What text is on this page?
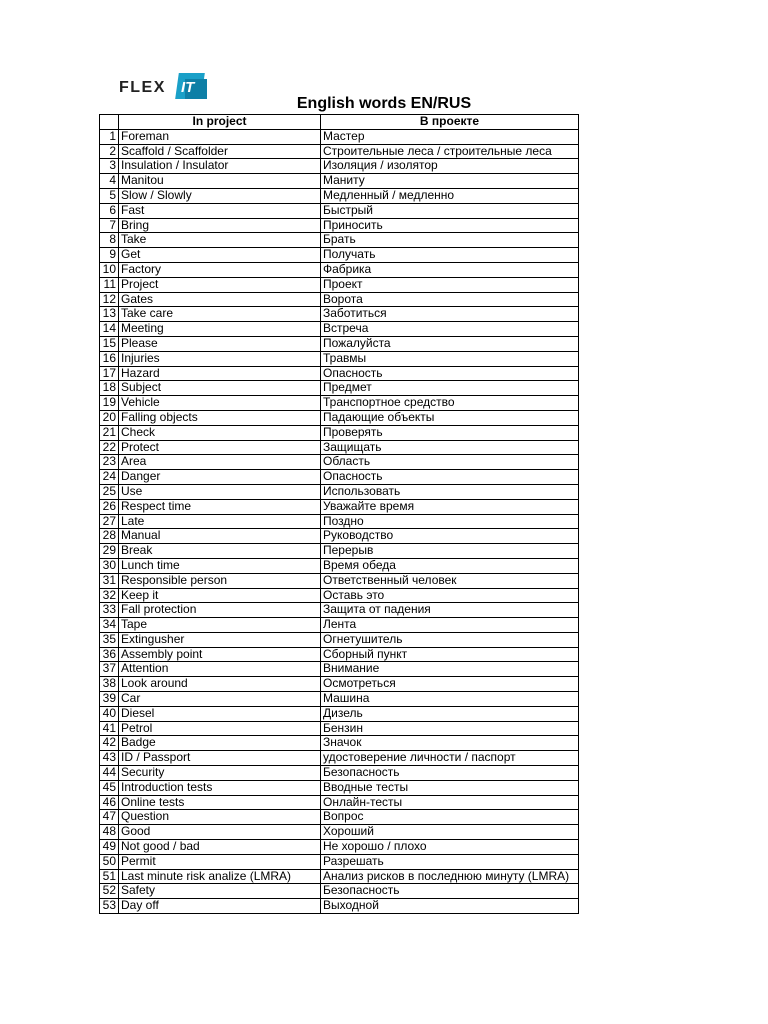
FLEX IT
English words EN/RUS
	In project	В проекте
1	Foreman	Мастер
2	Scaffold / Scaffolder	Строительные леса / строительные леса
3	Insulation / Insulator	Изоляция / изолятор
4	Manitou	Маниту
5	Slow / Slowly	Медленный / медленно
6	Fast	Быстрый
7	Bring	Приносить
8	Take	Брать
9	Get	Получать
10	Factory	Фабрика
11	Project	Проект
12	Gates	Ворота
13	Take care	Заботиться
14	Meeting	Встреча
15	Please	Пожалуйста
16	Injuries	Травмы
17	Hazard	Опасность
18	Subject	Предмет
19	Vehicle	Транспортное средство
20	Falling objects	Падающие объекты
21	Check	Проверять
22	Protect	Защищать
23	Area	Область
24	Danger	Опасность
25	Use	Использовать
26	Respect time	Уважайте время
27	Late	Поздно
28	Manual	Руководство
29	Break	Перерыв
30	Lunch time	Время обеда
31	Responsible person	Ответственный человек
32	Keep it	Оставь это
33	Fall protection	Защита от падения
34	Tape	Лента
35	Extingusher	Огнетушитель
36	Assembly point	Сборный пункт
37	Attention	Внимание
38	Look around	Осмотреться
39	Car	Машина
40	Diesel	Дизель
41	Petrol	Бензин
42	Badge	Значок
43	ID / Passport	удостоверение личности / паспорт
44	Security	Безопасность
45	Introduction tests	Вводные тесты
46	Online tests	Онлайн-тесты
47	Question	Вопрос
48	Good	Хороший
49	Not good / bad	Не хорошо / плохо
50	Permit	Разрешать
51	Last minute risk analize (LMRA)	Анализ рисков в последнюю минуту (LMRA)
52	Safety	Безопасность
53	Day off	Выходной
